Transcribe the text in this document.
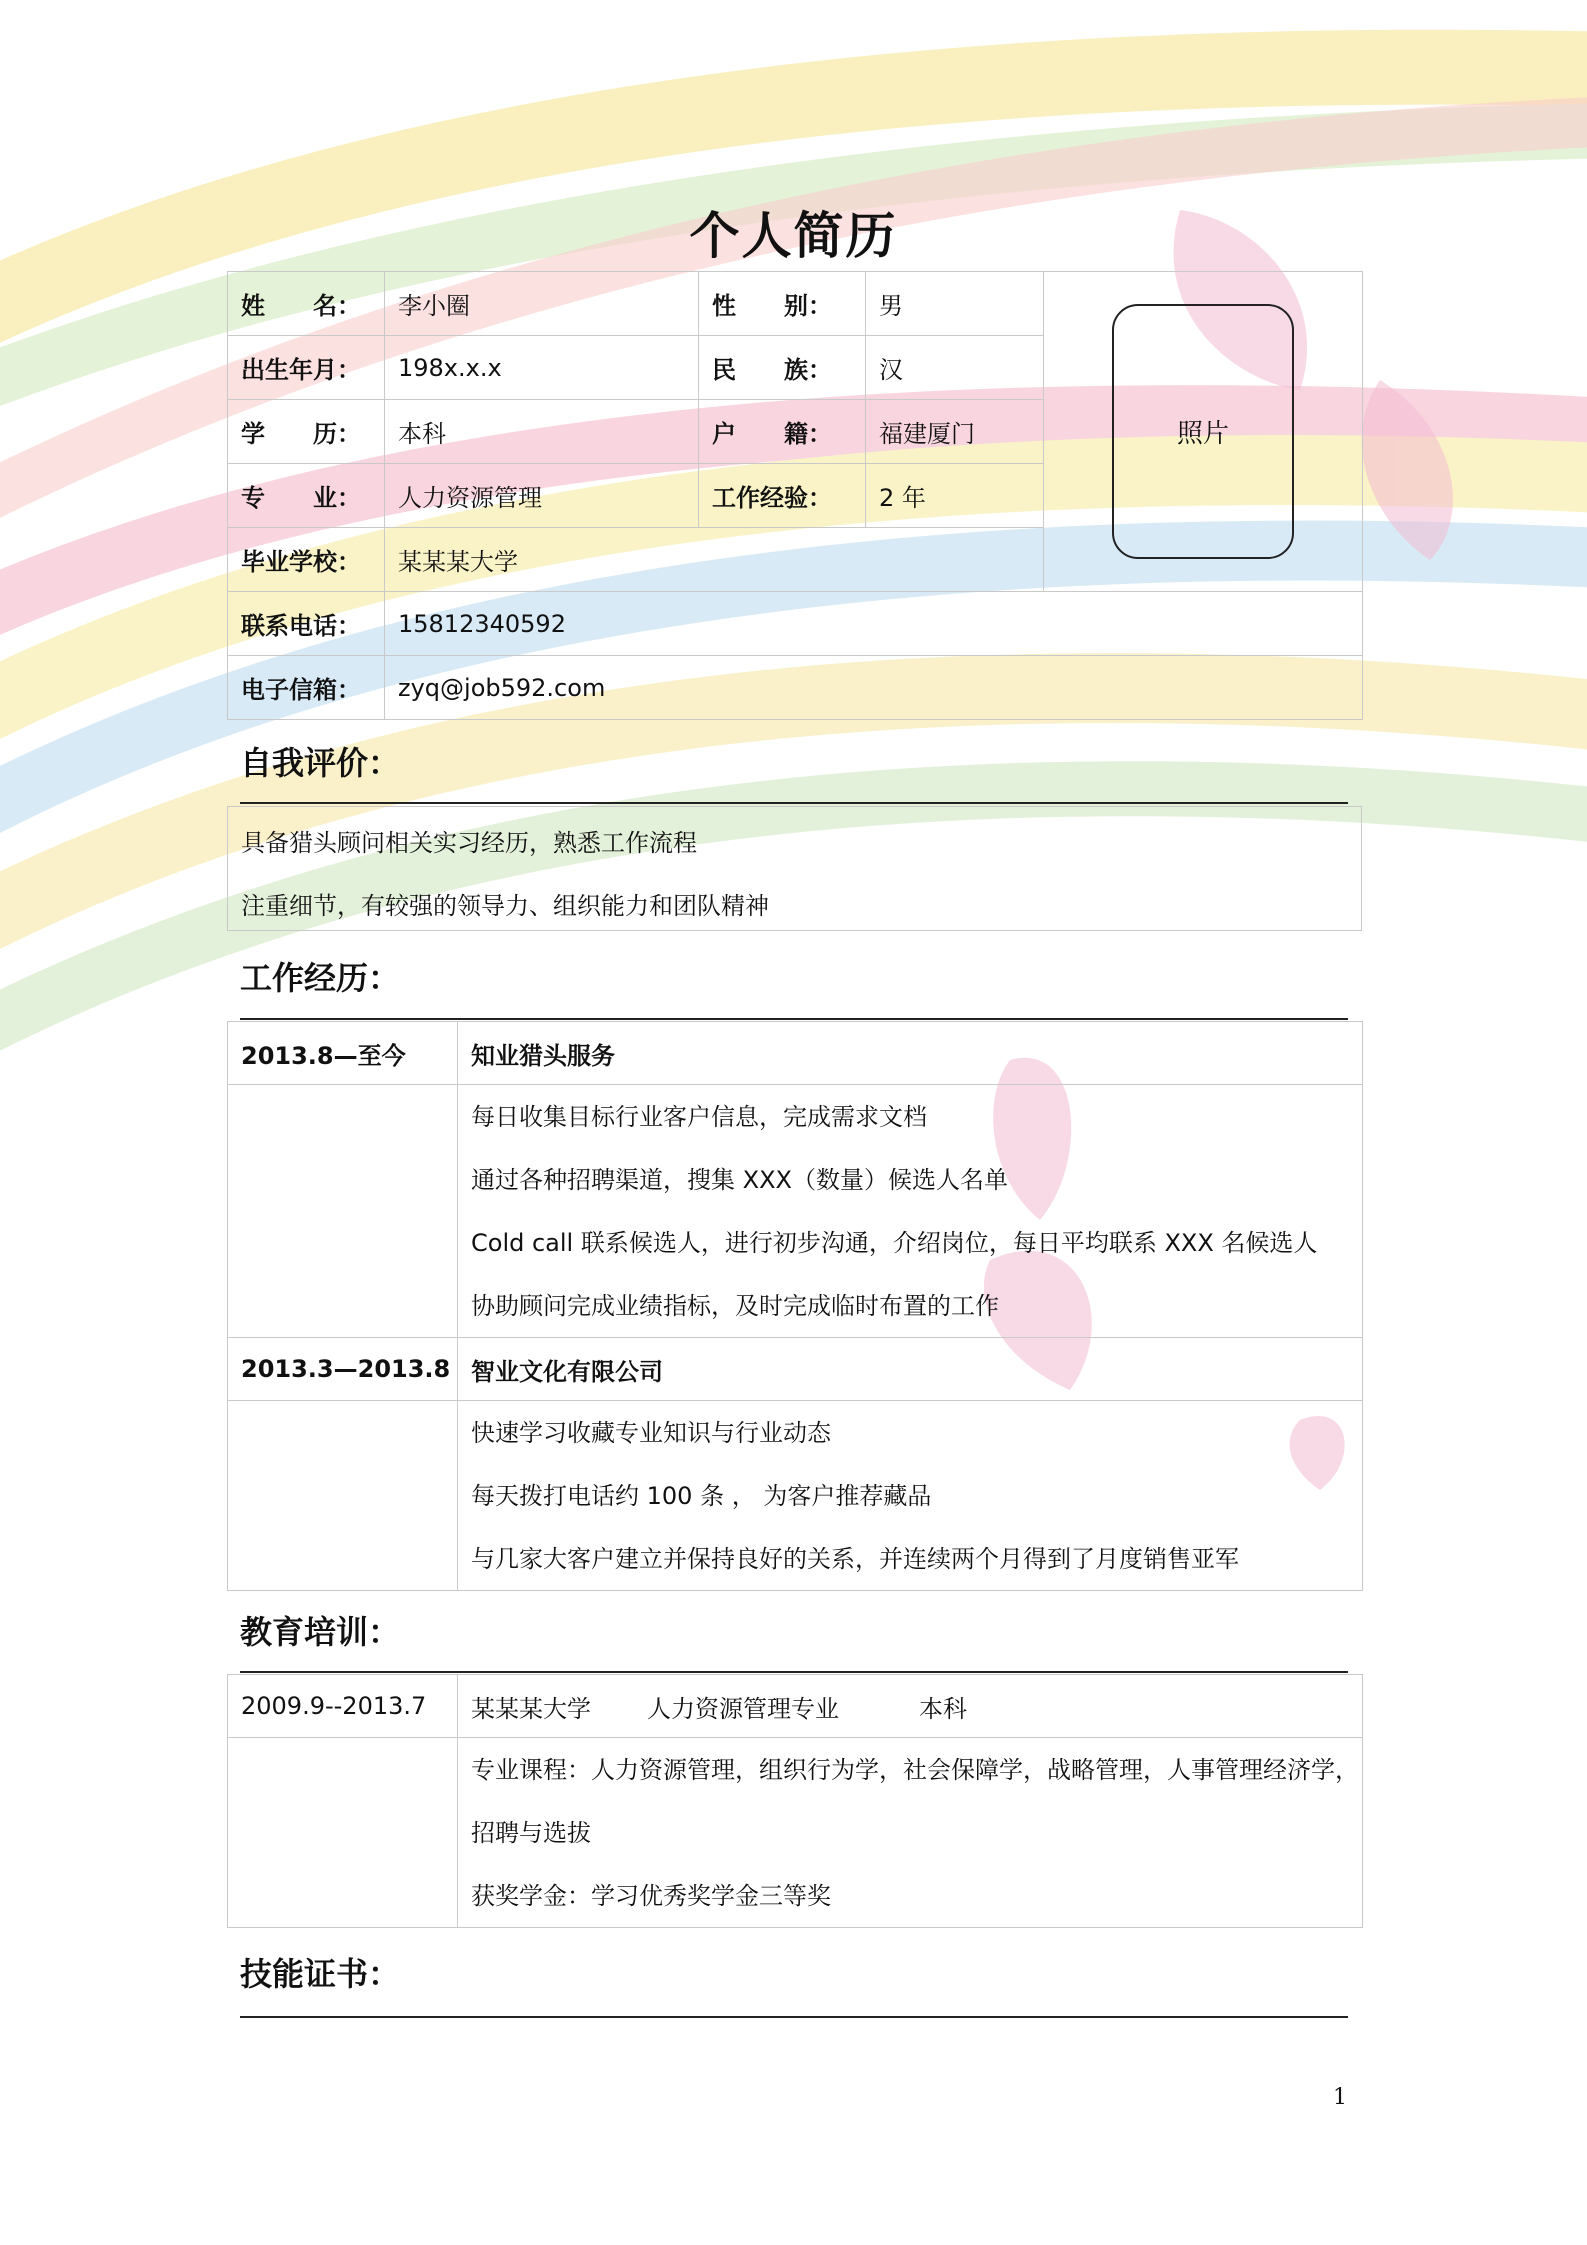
个人简历
姓　　名：	李小圈	性　　别：	男	照片

出生年月：	198x.x.x	民　　族：	汉	
学　　历：	本科	户　　籍：	福建厦门	
专　　业：	人力资源管理	工作经验：	2 年	
毕业学校：	某某某大学			
联系电话：	15812340592			
电子信箱：	zyq@job592.com			
自我评价：
具备猎头顾问相关实习经历，熟悉工作流程
注重细节，有较强的领导力、组织能力和团队精神
工作经历：
2013.8—至今	知业猎头服务

	每日收集目标行业客户信息，完成需求文档
通过各种招聘渠道，搜集 XXX（数量）候选人名单
Cold call 联系候选人，进行初步沟通，介绍岗位，每日平均联系 XXX 名候选人
协助顾问完成业绩指标，及时完成临时布置的工作

2013.3—2013.8	智业文化有限公司

	快速学习收藏专业知识与行业动态
每天拨打电话约 100 条 ， 为客户推荐藏品
与几家大客户建立并保持良好的关系，并连续两个月得到了月度销售亚军
教育培训：
2009.9--2013.7	某某某大学 人力资源管理专业 本科

	专业课程：人力资源管理，组织行为学，社会保障学，战略管理，人事管理经济学，
招聘与选拔
获奖学金：学习优秀奖学金三等奖
技能证书：
1
